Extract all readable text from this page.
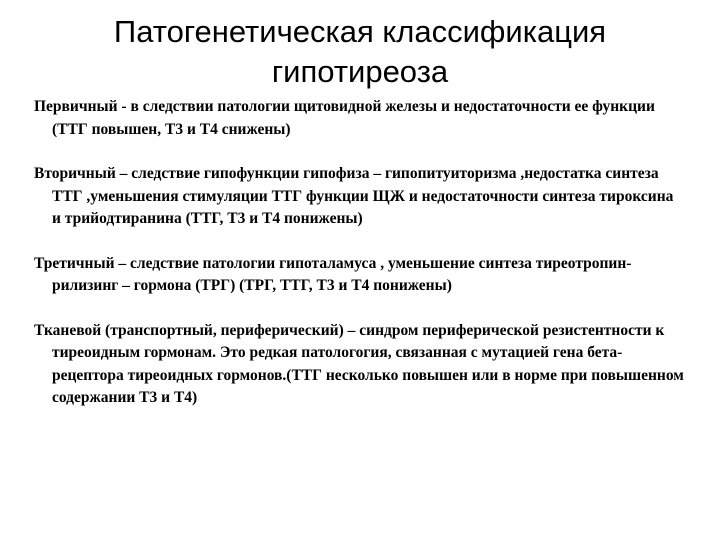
Патогенетическая классификация
гипотиреоза

Первичный - в следствии патологии щитовидной железы и недостаточности ее функции (ТТГ повышен, Т3 и Т4 снижены)

Вторичный – следствие гипофункции гипофиза – гипопитуиторизма ,недостатка синтеза ТТГ ,уменьшения стимуляции ТТГ функции ЩЖ и недостаточности синтеза тироксина и трийодтиранина (ТТГ, Т3 и Т4 понижены)

Третичный – следствие патологии гипоталамуса , уменьшение синтеза тиреотропин- рилизинг – гормона (ТРГ) (ТРГ, ТТГ, Т3 и Т4 понижены)

Тканевой (транспортный, периферический) – синдром периферической резистентности к тиреоидным гормонам. Это редкая патологогия, связанная с мутацией гена бета-рецептора тиреоидных гормонов.(ТТГ несколько повышен или в норме при повышенном содержании Т3 и Т4)
